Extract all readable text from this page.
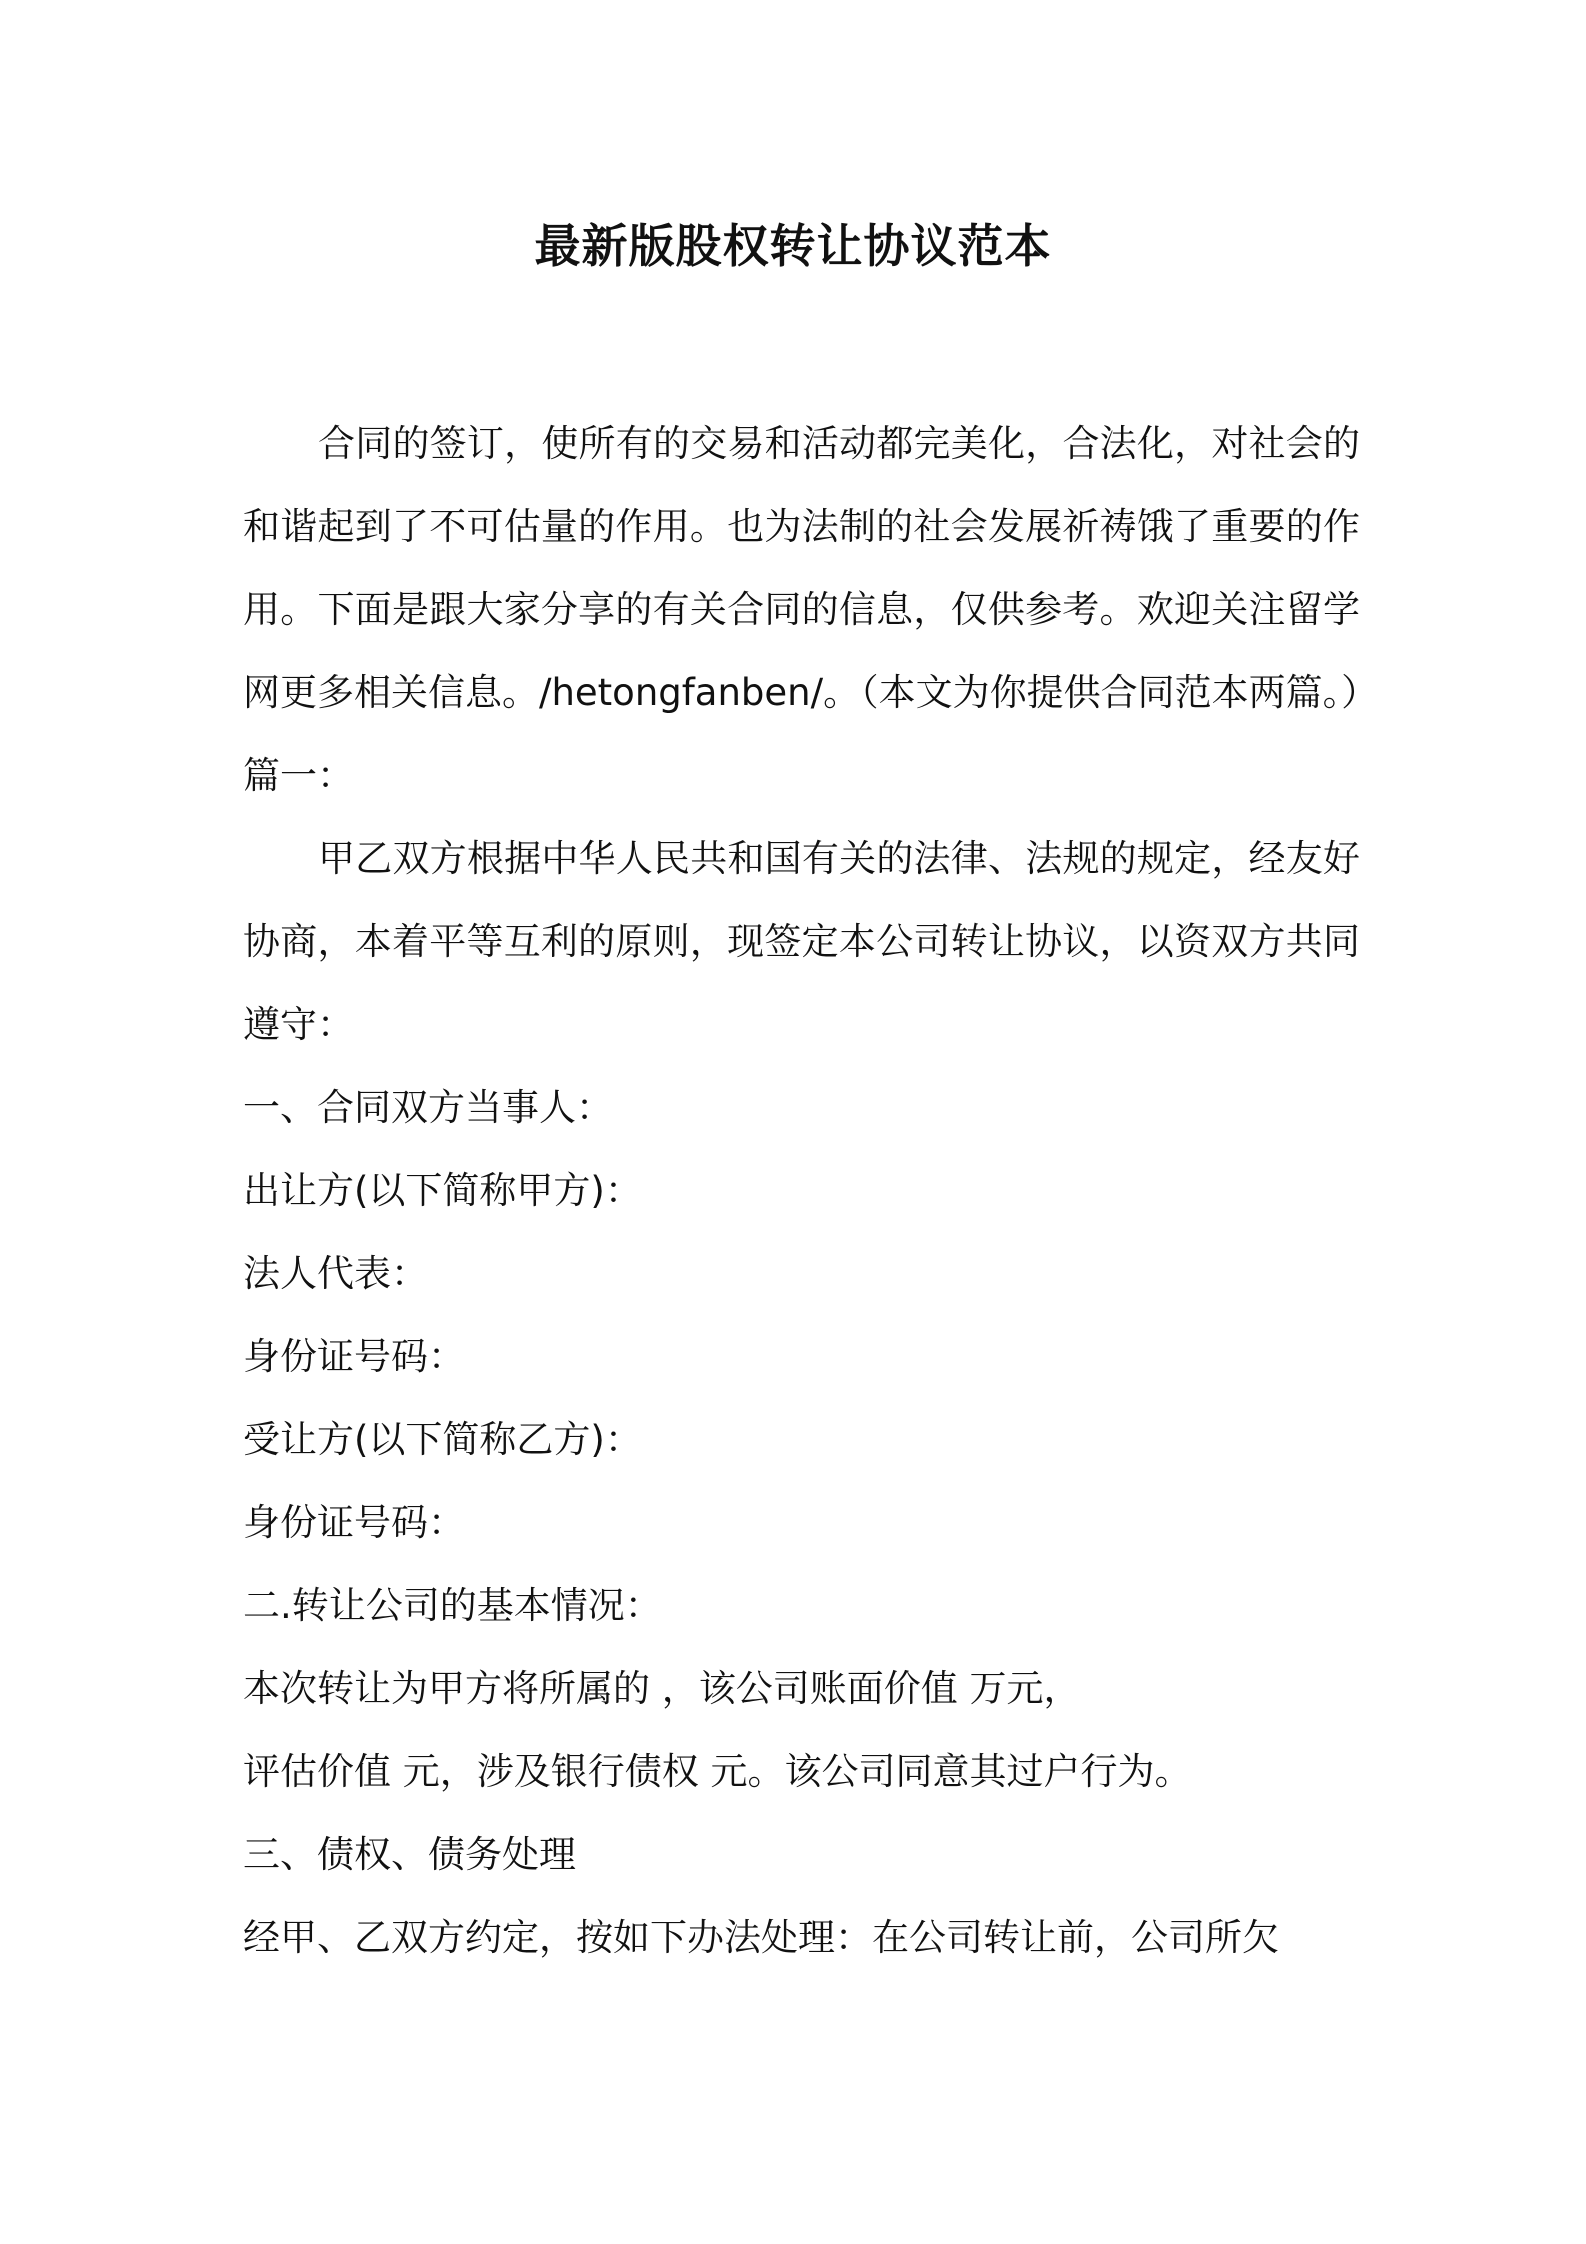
最新版股权转让协议范本

合同的签订，使所有的交易和活动都完美化，合法化，对社会的和谐起到了不可估量的作用。也为法制的社会发展祈祷饿了重要的作用。下面是跟大家分享的有关合同的信息，仅供参考。欢迎关注留学网更多相关信息。/hetongfanben/。（本文为你提供合同范本两篇。）

篇一：

甲乙双方根据中华人民共和国有关的法律、法规的规定，经友好协商，本着平等互利的原则，现签定本公司转让协议，以资双方共同遵守：

一、合同双方当事人：

出让方(以下简称甲方)：

法人代表：

身份证号码：

受让方(以下简称乙方)：

身份证号码：

二.转让公司的基本情况：

本次转让为甲方将所属的 ，该公司账面价值 万元，

评估价值 元，涉及银行债权 元。该公司同意其过户行为。

三、债权、债务处理

经甲、乙双方约定，按如下办法处理：在公司转让前，公司所欠
